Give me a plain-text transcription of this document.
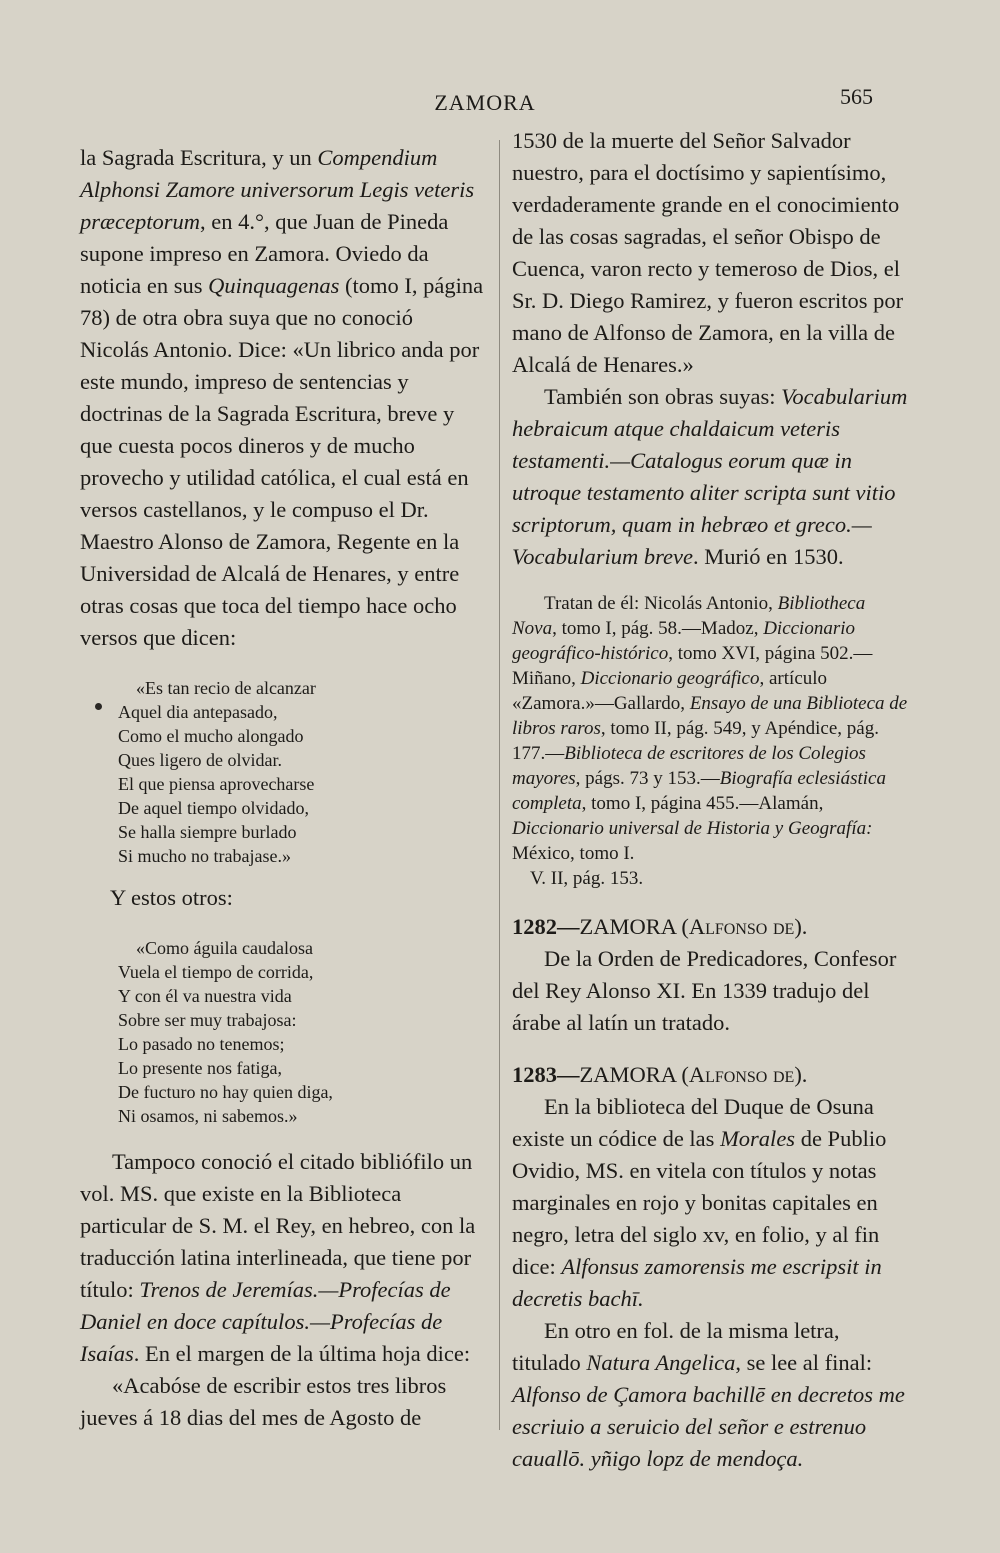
ZAMORA	565

la Sagrada Escritura, y un Compendium Alphonsi Zamore universorum Legis veteris præceptorum, en 4.°, que Juan de Pineda supone impreso en Zamora. Oviedo da noticia en sus Quinquagenas (tomo I, página 78) de otra obra suya que no conoció Nicolás Antonio. Dice: «Un librico anda por este mundo, impreso de sentencias y doctrinas de la Sagrada Escritura, breve y que cuesta pocos dineros y de mucho provecho y utilidad católica, el cual está en versos castellanos, y le compuso el Dr. Maestro Alonso de Zamora, Regente en la Universidad de Alcalá de Henares, y entre otras cosas que toca del tiempo hace ocho versos que dicen:

«Es tan recio de alcanzar
Aquel dia antepasado,
Como el mucho alongado
Ques ligero de olvidar.
El que piensa aprovecharse
De aquel tiempo olvidado,
Se halla siempre burlado
Si mucho no trabajase.»

Y estos otros:

«Como águila caudalosa
Vuela el tiempo de corrida,
Y con él va nuestra vida
Sobre ser muy trabajosa:
Lo pasado no tenemos;
Lo presente nos fatiga,
De fucturo no hay quien diga,
Ni osamos, ni sabemos.»

Tampoco conoció el citado bibliófilo un vol. MS. que existe en la Biblioteca particular de S. M. el Rey, en hebreo, con la traducción latina interlineada, que tiene por título: Trenos de Jeremías.—Profecías de Daniel en doce capítulos.—Profecías de Isaías. En el margen de la última hoja dice:

«Acabóse de escribir estos tres libros jueves á 18 dias del mes de Agosto de

1530 de la muerte del Señor Salvador nuestro, para el doctísimo y sapientísimo, verdaderamente grande en el conocimiento de las cosas sagradas, el señor Obispo de Cuenca, varon recto y temeroso de Dios, el Sr. D. Diego Ramirez, y fueron escritos por mano de Alfonso de Zamora, en la villa de Alcalá de Henares.»

También son obras suyas: Vocabularium hebraicum atque chaldaicum veteris testamenti.—Catalogus eorum quæ in utroque testamento aliter scripta sunt vitio scriptorum, quam in hebræo et greco.—Vocabularium breve. Murió en 1530.

Tratan de él: Nicolás Antonio, Bibliotheca Nova, tomo I, pág. 58.—Madoz, Diccionario geográfico-histórico, tomo XVI, página 502.—Miñano, Diccionario geográfico, artículo «Zamora.»—Gallardo, Ensayo de una Biblioteca de libros raros, tomo II, pág. 549, y Apéndice, pág. 177.—Biblioteca de escritores de los Colegios mayores, págs. 73 y 153.—Biografía eclesiástica completa, tomo I, página 455.—Alamán, Diccionario universal de Historia y Geografía: México, tomo I.
V. II, pág. 153.

1282—ZAMORA (Alfonso de).

De la Orden de Predicadores, Confesor del Rey Alonso XI. En 1339 tradujo del árabe al latín un tratado.

1283—ZAMORA (Alfonso de).

En la biblioteca del Duque de Osuna existe un códice de las Morales de Publio Ovidio, MS. en vitela con títulos y notas marginales en rojo y bonitas capitales en negro, letra del siglo xv, en folio, y al fin dice: Alfonsus zamorensis me escripsit in decretis bachī.

En otro en fol. de la misma letra, titulado Natura Angelica, se lee al final: Alfonso de Çamora bachillē en decretos me escriuio a seruicio del señor e estrenuo cauallō. yñigo lopz de mendoça.
